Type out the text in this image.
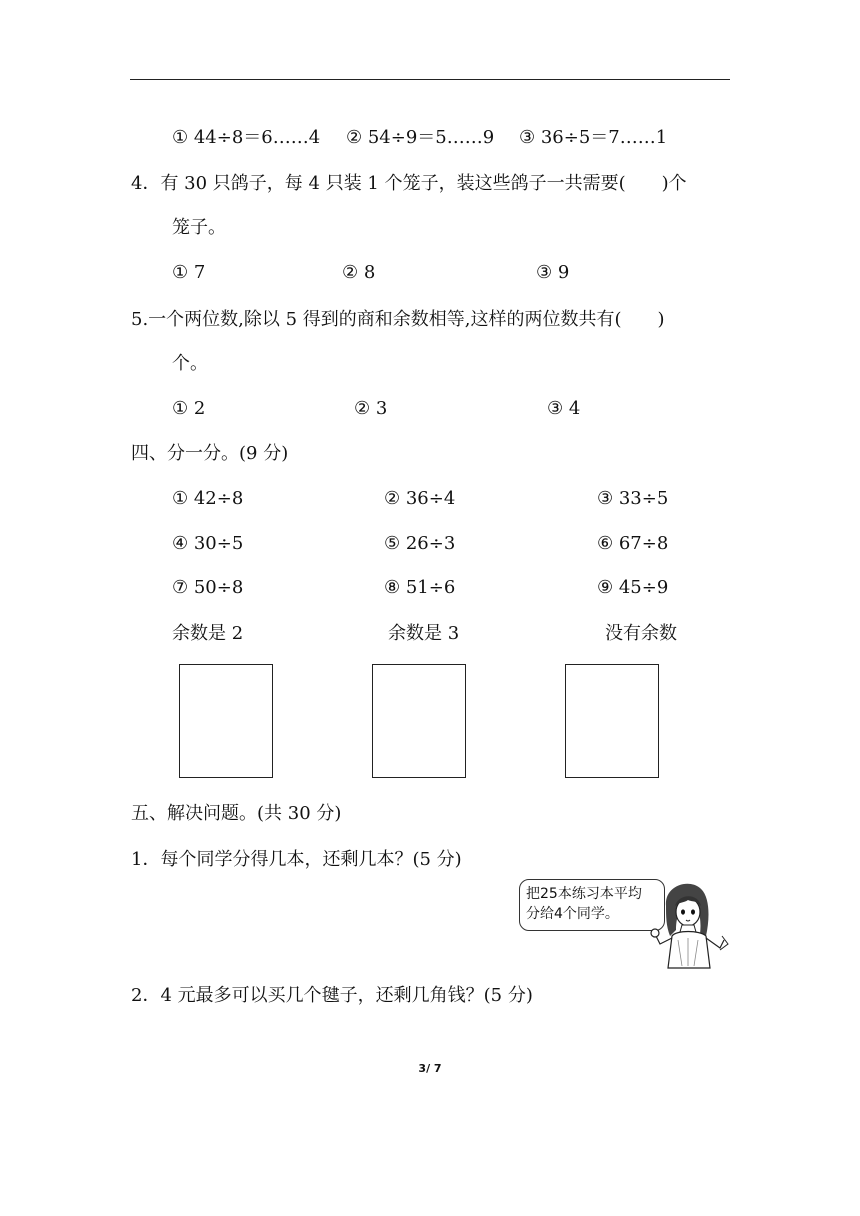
① 44÷8＝6……4 ② 54÷9＝5……9 ③ 36÷5＝7……1
4．有 30 只鸽子，每 4 只装 1 个笼子，装这些鸽子一共需要(　　)个
笼子。
① 7	② 8	③ 9
5.一个两位数,除以 5 得到的商和余数相等,这样的两位数共有(　　)
个。
① 2	② 3	③ 4
四、分一分。(9 分)
① 42÷8	② 36÷4	③ 33÷5
④ 30÷5	⑤ 26÷3	⑥ 67÷8
⑦ 50÷8	⑧ 51÷6	⑨ 45÷9
余数是 2	余数是 3	没有余数
五、解决问题。(共 30 分)
1．每个同学分得几本，还剩几本？(5 分)
把25本练习本平均
分给4个同学。
2．4 元最多可以买几个毽子，还剩几角钱？(5 分)
3/ 7
